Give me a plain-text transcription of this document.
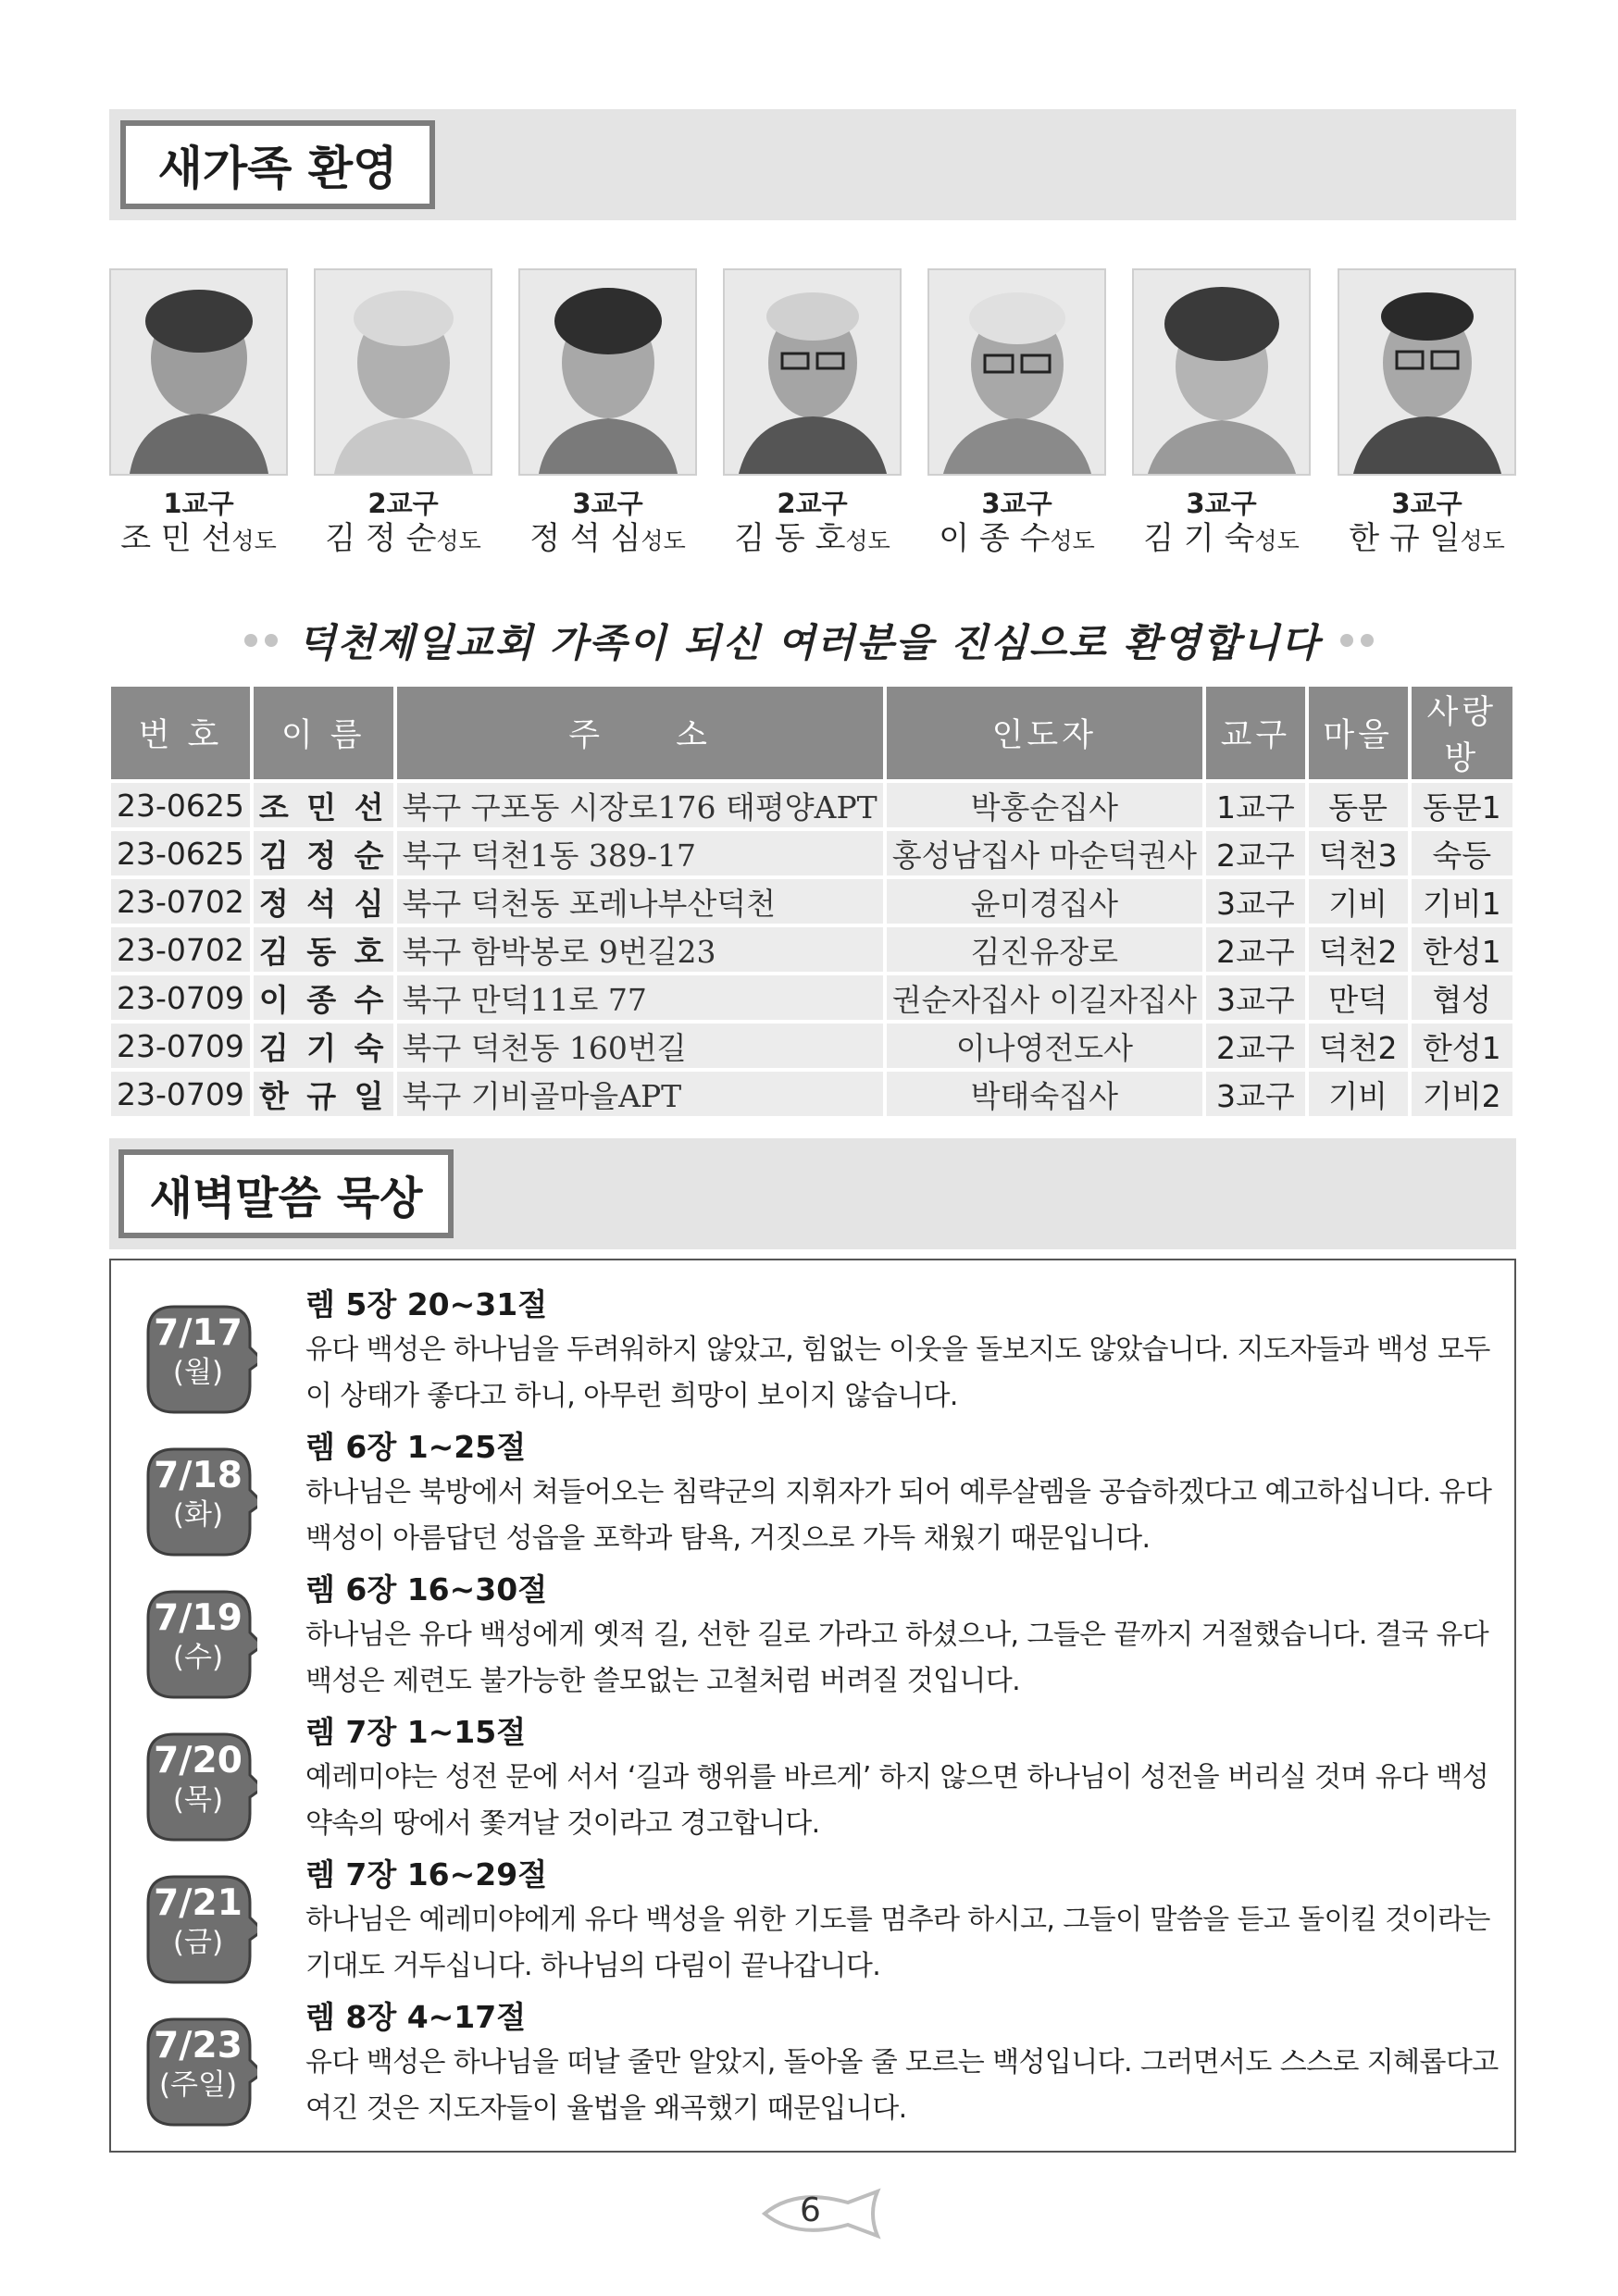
새가족 환영
1교구
조 민 선성도
2교구
김 정 순성도
3교구
정 석 심성도
2교구
김 동 호성도
3교구
이 종 수성도
3교구
김 기 숙성도
3교구
한 규 일성도
덕천제일교회 가족이 되신 여러분을 진심으로 환영합니다
번 호	이 름	주　　소	인도자	교구	마을	사랑방
23-0625	조 민 선	북구 구포동 시장로176 태평양APT	박홍순집사	1교구	동문	동문1
23-0625	김 정 순	북구 덕천1동 389-17	홍성남집사 마순덕권사	2교구	덕천3	숙등
23-0702	정 석 심	북구 덕천동 포레나부산덕천	윤미경집사	3교구	기비	기비1
23-0702	김 동 호	북구 함박봉로 9번길23	김진유장로	2교구	덕천2	한성1
23-0709	이 종 수	북구 만덕11로 77	권순자집사 이길자집사	3교구	만덕	협성
23-0709	김 기 숙	북구 덕천동 160번길	이나영전도사	2교구	덕천2	한성1
23-0709	한 규 일	북구 기비골마을APT	박태숙집사	3교구	기비	기비2
새벽말씀 묵상
7/17
(월)
렘 5장 20~31절
유다 백성은 하나님을 두려워하지 않았고, 힘없는 이웃을 돌보지도 않았습니다. 지도자들과 백성 모두 이 상태가 좋다고 하니, 아무런 희망이 보이지 않습니다.
7/18
(화)
렘 6장 1~25절
하나님은 북방에서 쳐들어오는 침략군의 지휘자가 되어 예루살렘을 공습하겠다고 예고하십니다. 유다 백성이 아름답던 성읍을 포학과 탐욕, 거짓으로 가득 채웠기 때문입니다.
7/19
(수)
렘 6장 16~30절
하나님은 유다 백성에게 옛적 길, 선한 길로 가라고 하셨으나, 그들은 끝까지 거절했습니다. 결국 유다 백성은 제련도 불가능한 쓸모없는 고철처럼 버려질 것입니다.
7/20
(목)
렘 7장 1~15절
예레미야는 성전 문에 서서 ‘길과 행위를 바르게’ 하지 않으면 하나님이 성전을 버리실 것며 유다 백성 약속의 땅에서 쫓겨날 것이라고 경고합니다.
7/21
(금)
렘 7장 16~29절
하나님은 예레미야에게 유다 백성을 위한 기도를 멈추라 하시고, 그들이 말씀을 듣고 돌이킬 것이라는 기대도 거두십니다. 하나님의 다림이 끝나갑니다.
7/23
(주일)
렘 8장 4~17절
유다 백성은 하나님을 떠날 줄만 알았지, 돌아올 줄 모르는 백성입니다. 그러면서도 스스로 지혜롭다고 여긴 것은 지도자들이 율법을 왜곡했기 때문입니다.
6
